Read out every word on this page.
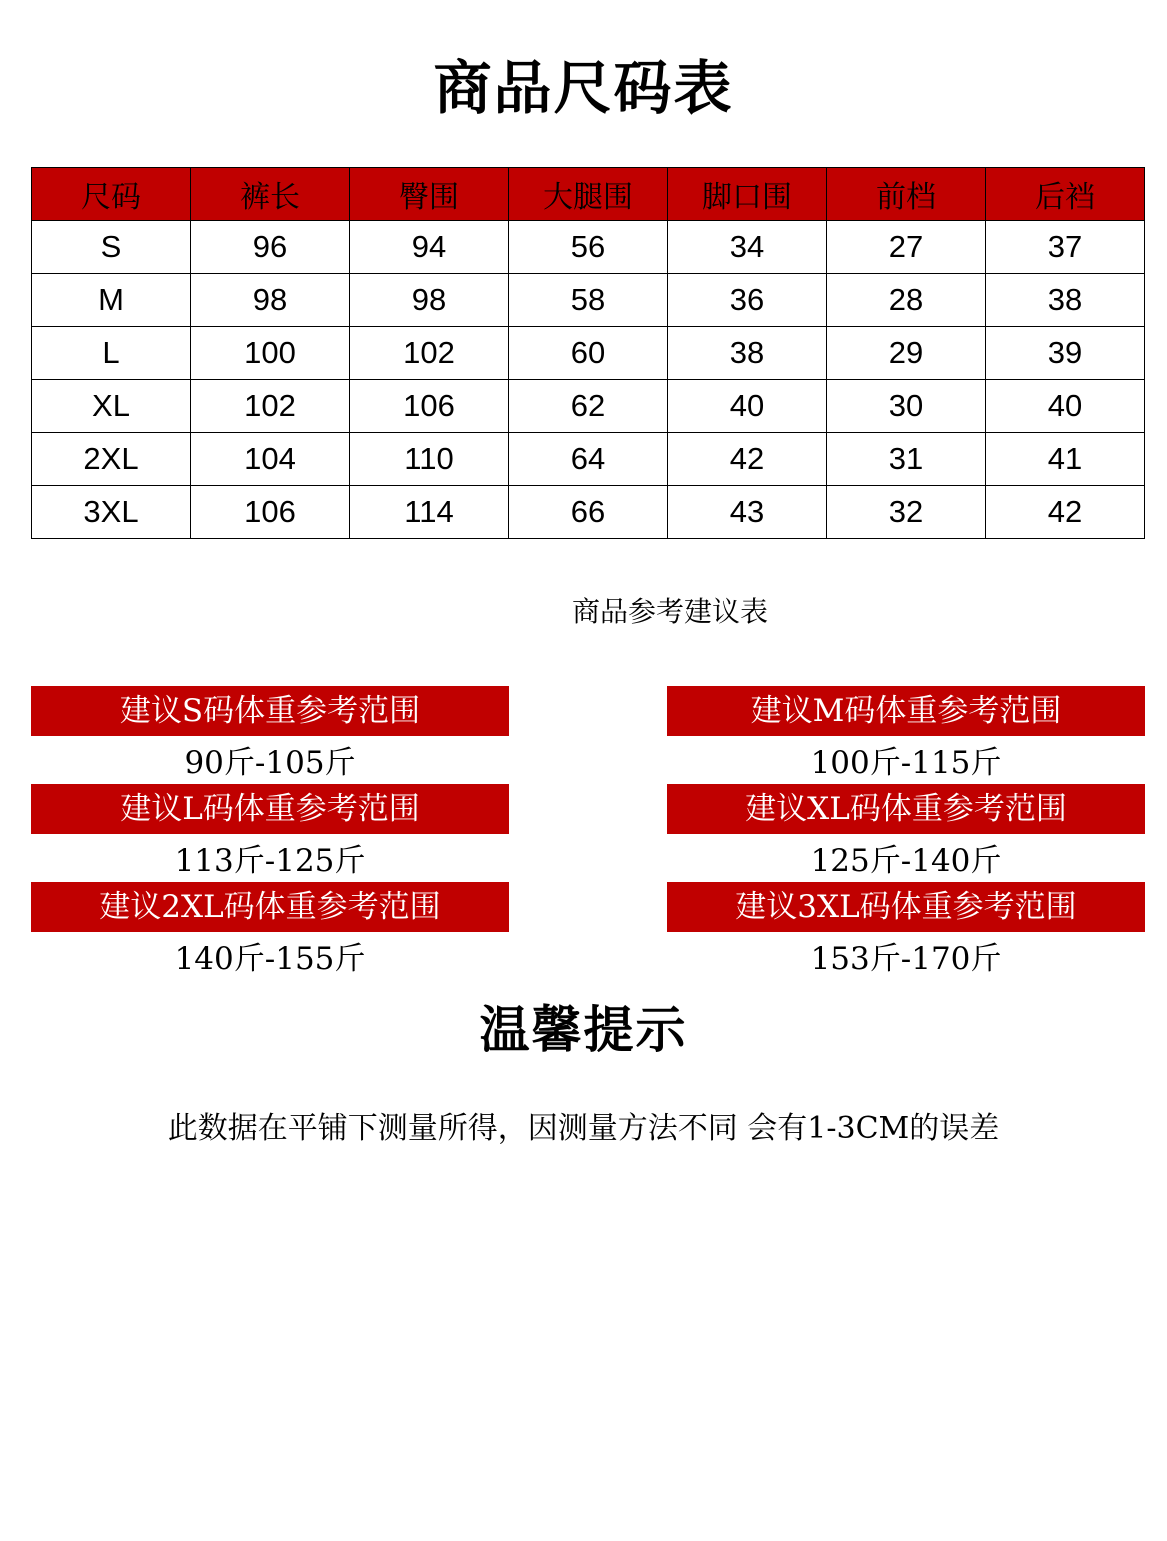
商品尺码表
尺码	裤长	臀围	大腿围	脚口围	前档	后裆
S	96	94	56	34	27	37
M	98	98	58	36	28	38
L	100	102	60	38	29	39
XL	102	106	62	40	30	40
2XL	104	110	64	42	31	41
3XL	106	114	66	43	32	42
商品参考建议表
建议S码体重参考范围
90斤-105斤
建议L码体重参考范围
113斤-125斤
建议2XL码体重参考范围
140斤-155斤
建议M码体重参考范围
100斤-115斤
建议XL码体重参考范围
125斤-140斤
建议3XL码体重参考范围
153斤-170斤
温馨提示
此数据在平铺下测量所得，因测量方法不同 会有1-3CM的误差
